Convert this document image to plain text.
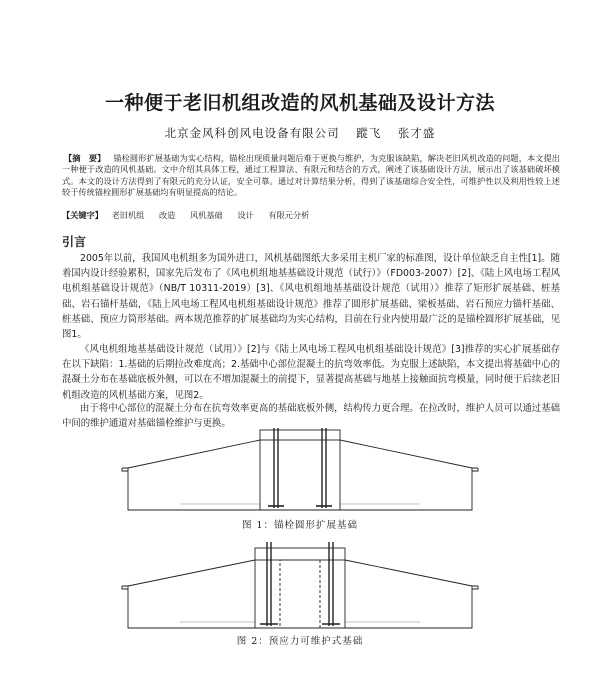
一种便于老旧机组改造的风机基础及设计方法
北京金风科创风电设备有限公司 蹤飞 张才盛
【摘　要】 锚栓圆形扩展基础为实心结构，锚栓出现质量问题后难于更换与维护，为克服该缺陷，解决老旧风机改造的问题，本文提出一种便于改造的风机基础。文中介绍其具体工程，通过工程算法、有限元和结合的方式，阐述了该基础设计方法，展示出了该基础破坏模式。本文的设计方法得到了有限元的充分认证，安全可靠。通过对计算结果分析，得到了该基础综合安全性，可维护性以及利用性较上述较于传统锚栓圆形扩展基础均有明显提高的结论。
【关键字】 老旧机组 改造 风机基础 设计 有限元分析
引言
2005年以前，我国风电机组多为国外进口，风机基础图纸大多采用主机厂家的标准图，设计单位缺乏自主性[1]。随着国内设计经验累积，国家先后发布了《风电机组地基基础设计规范（试行）》（FD003-2007）[2]、《陆上风电场工程风电机组基础设计规范》（NB/T 10311-2019）[3]、《风电机组地基基础设计规范（试用）》推荐了矩形扩展基础、桩基础、岩石锚杆基础，《陆上风电场工程风电机组基础设计规范》推荐了圆形扩展基础、梁板基础、岩石预应力锚杆基础、桩基础、预应力筒形基础。两本规范推荐的扩展基础均为实心结构，目前在行业内使用最广泛的是锚栓圆形扩展基础，见图1。
《风电机组地基基础设计规范（试用）》[2]与《陆上风电场工程风电机组基础设计规范》[3]推荐的实心扩展基础存在以下缺陷：1.基础的后期拉改难度高；2.基础中心部位混凝土的抗弯效率低。为克服上述缺陷，本文提出将基础中心的混凝土分布在基础底板外侧，可以在不增加混凝土的前提下，显著提高基础与地基上接触面抗弯模量，同时便于后续老旧机组改造的风机基础方案，见图2。
由于将中心部位的混凝土分布在抗弯效率更高的基础底板外侧，结构传力更合理。在拉改时，维护人员可以通过基础中间的维护通道对基础锚栓维护与更换。
图 1：锚栓圆形扩展基础
图 2：预应力可维护式基础
